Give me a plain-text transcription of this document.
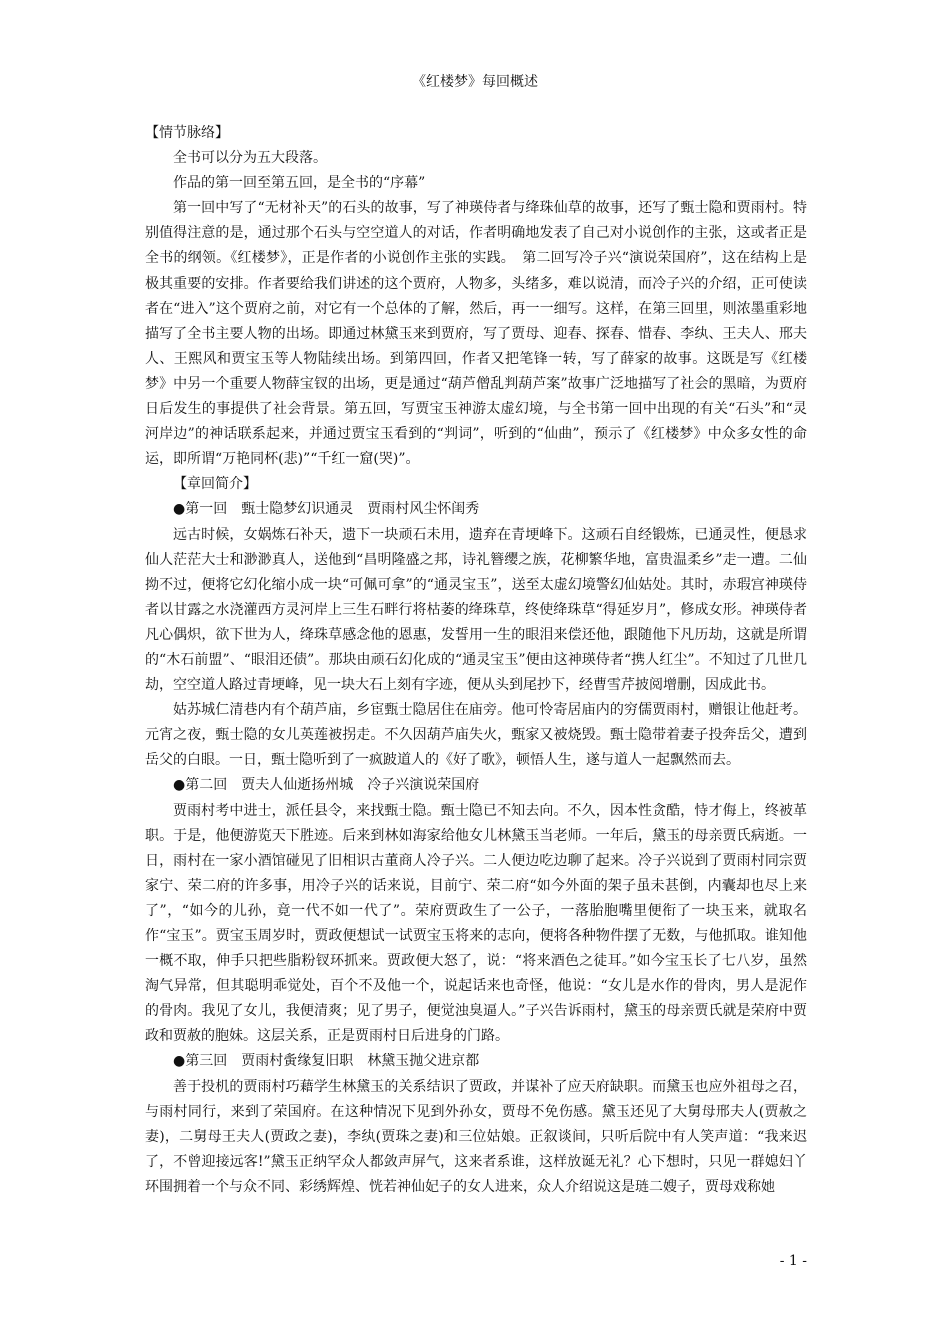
《红楼梦》每回概述

【情节脉络】

全书可以分为五大段落。

作品的第一回至第五回，是全书的“序幕”

第一回中写了“无材补天”的石头的故事，写了神瑛侍者与绛珠仙草的故事，还写了甄士隐和贾雨村。特别值得注意的是，通过那个石头与空空道人的对话，作者明确地发表了自己对小说创作的主张，这或者正是全书的纲领。《红楼梦》，正是作者的小说创作主张的实践。　第二回写冷子兴“演说荣国府”，这在结构上是极其重要的安排。作者要给我们讲述的这个贾府，人物多，头绪多，难以说清，而冷子兴的介绍，正可使读者在“进入”这个贾府之前，对它有一个总体的了解，然后，再一一细写。这样，在第三回里，则浓墨重彩地描写了全书主要人物的出场。即通过林黛玉来到贾府，写了贾母、迎春、探春、惜春、李纨、王夫人、邢夫人、王熙风和贾宝玉等人物陆续出场。到第四回，作者又把笔锋一转，写了薛家的故事。这既是写《红楼梦》中另一个重要人物薛宝钗的出场，更是通过“葫芦僧乱判葫芦案”故事广泛地描写了社会的黑暗，为贾府日后发生的事提供了社会背景。第五回，写贾宝玉神游太虚幻境，与全书第一回中出现的有关“石头”和“灵河岸边”的神话联系起来，并通过贾宝玉看到的“判词”，听到的“仙曲”，预示了《红楼梦》中众多女性的命运，即所谓“万艳同杯(悲)”“千红一窟(哭)”。

【章回简介】

●第一回　甄士隐梦幻识通灵　贾雨村风尘怀闺秀

远古时候，女娲炼石补天，遗下一块顽石未用，遗弃在青埂峰下。这顽石自经锻炼，已通灵性，便恳求仙人茫茫大士和渺渺真人，送他到“昌明隆盛之邦，诗礼簪缨之族，花柳繁华地，富贵温柔乡”走一遭。二仙拗不过，便将它幻化缩小成一块“可佩可拿”的“通灵宝玉”，送至太虚幻境警幻仙姑处。其时，赤瑕宫神瑛侍者以甘露之水浇灌西方灵河岸上三生石畔行将枯萎的绛珠草，终使绛珠草“得延岁月”，修成女形。神瑛侍者凡心偶炽，欲下世为人，绛珠草感念他的恩惠，发誓用一生的眼泪来偿还他，跟随他下凡历劫，这就是所谓的“木石前盟”、“眼泪还债”。那块由顽石幻化成的“通灵宝玉”便由这神瑛侍者“携人红尘”。不知过了几世几劫，空空道人路过青埂峰，见一块大石上刻有字迹，便从头到尾抄下，经曹雪芹披阅增删，因成此书。

姑苏城仁清巷内有个葫芦庙，乡宦甄士隐居住在庙旁。他可怜寄居庙内的穷儒贾雨村，赠银让他赶考。元宵之夜，甄士隐的女儿英莲被拐走。不久因葫芦庙失火，甄家又被烧毁。甄士隐带着妻子投奔岳父，遭到岳父的白眼。一日，甄士隐听到了一疯跛道人的《好了歌》，顿悟人生，遂与道人一起飘然而去。

●第二回　贾夫人仙逝扬州城　冷子兴演说荣国府

贾雨村考中进士，派任县令，来找甄士隐。甄士隐已不知去向。不久，因本性贪酷，恃才侮上，终被革职。于是，他便游览天下胜迹。后来到林如海家给他女儿林黛玉当老师。一年后，黛玉的母亲贾氏病逝。一日，雨村在一家小酒馆碰见了旧相识古董商人冷子兴。二人便边吃边聊了起来。冷子兴说到了贾雨村同宗贾家宁、荣二府的许多事，用冷子兴的话来说，目前宁、荣二府“如今外面的架子虽未甚倒，内囊却也尽上来了”，“如今的儿孙，竟一代不如一代了”。荣府贾政生了一公子，一落胎胞嘴里便衔了一块玉来，就取名作“宝玉”。贾宝玉周岁时，贾政便想试一试贾宝玉将来的志向，便将各种物件摆了无数，与他抓取。谁知他一概不取，伸手只把些脂粉钗环抓来。贾政便大怒了，说：“将来酒色之徒耳。”如今宝玉长了七八岁，虽然淘气异常，但其聪明乖觉处，百个不及他一个，说起话来也奇怪，他说：“女儿是水作的骨肉，男人是泥作的骨肉。我见了女儿，我便清爽；见了男子，便觉浊臭逼人。”子兴告诉雨村，黛玉的母亲贾氏就是荣府中贾政和贾赦的胞妹。这层关系，正是贾雨村日后进身的门路。

●第三回　贾雨村夤缘复旧职　林黛玉抛父进京都

善于投机的贾雨村巧藉学生林黛玉的关系结识了贾政，并谋补了应天府缺职。而黛玉也应外祖母之召，与雨村同行，来到了荣国府。在这种情况下见到外孙女，贾母不免伤感。黛玉还见了大舅母邢夫人(贾赦之妻)，二舅母王夫人(贾政之妻)，李纨(贾珠之妻)和三位姑娘。正叙谈间，只听后院中有人笑声道：“我来迟了，不曾迎接远客!”黛玉正纳罕众人都敛声屏气，这来者系谁，这样放诞无礼？心下想时，只见一群媳妇丫环围拥着一个与众不同、彩绣辉煌、恍若神仙妃子的女人进来，众人介绍说这是琏二嫂子，贾母戏称她

- 1 -
